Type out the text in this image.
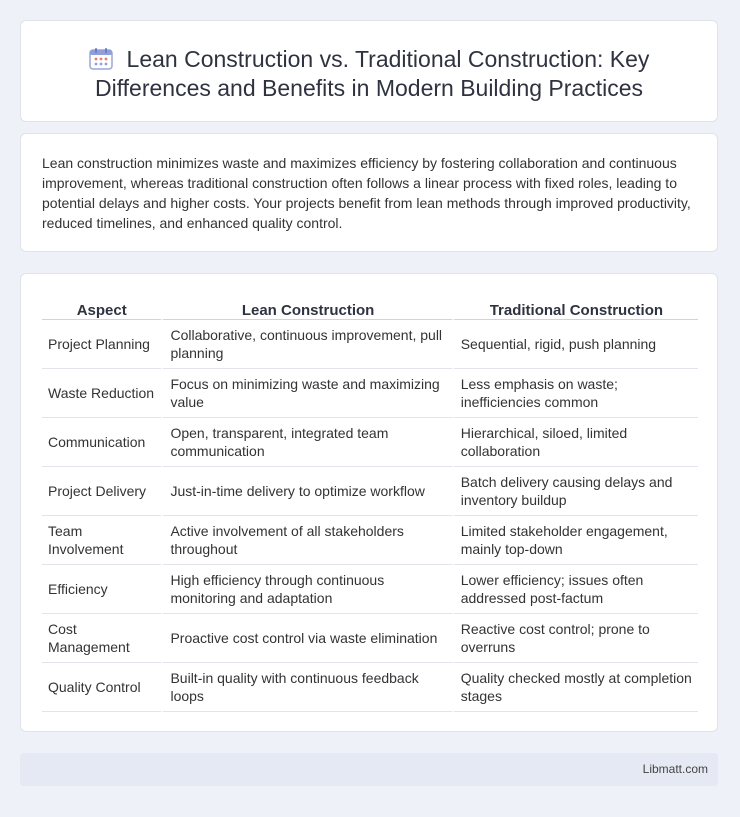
Lean Construction vs. Traditional Construction: Key Differences and Benefits in Modern Building Practices

Lean construction minimizes waste and maximizes efficiency by fostering collaboration and continuous improvement, whereas traditional construction often follows a linear process with fixed roles, leading to potential delays and higher costs. Your projects benefit from lean methods through improved productivity, reduced timelines, and enhanced quality control.

Aspect	Lean Construction	Traditional Construction
Project Planning	Collaborative, continuous improvement, pull planning	Sequential, rigid, push planning
Waste Reduction	Focus on minimizing waste and maximizing value	Less emphasis on waste; inefficiencies common
Communication	Open, transparent, integrated team communication	Hierarchical, siloed, limited collaboration
Project Delivery	Just-in-time delivery to optimize workflow	Batch delivery causing delays and inventory buildup
Team Involvement	Active involvement of all stakeholders throughout	Limited stakeholder engagement, mainly top-down
Efficiency	High efficiency through continuous monitoring and adaptation	Lower efficiency; issues often addressed post-factum
Cost Management	Proactive cost control via waste elimination	Reactive cost control; prone to overruns
Quality Control	Built-in quality with continuous feedback loops	Quality checked mostly at completion stages
Libmatt.com
